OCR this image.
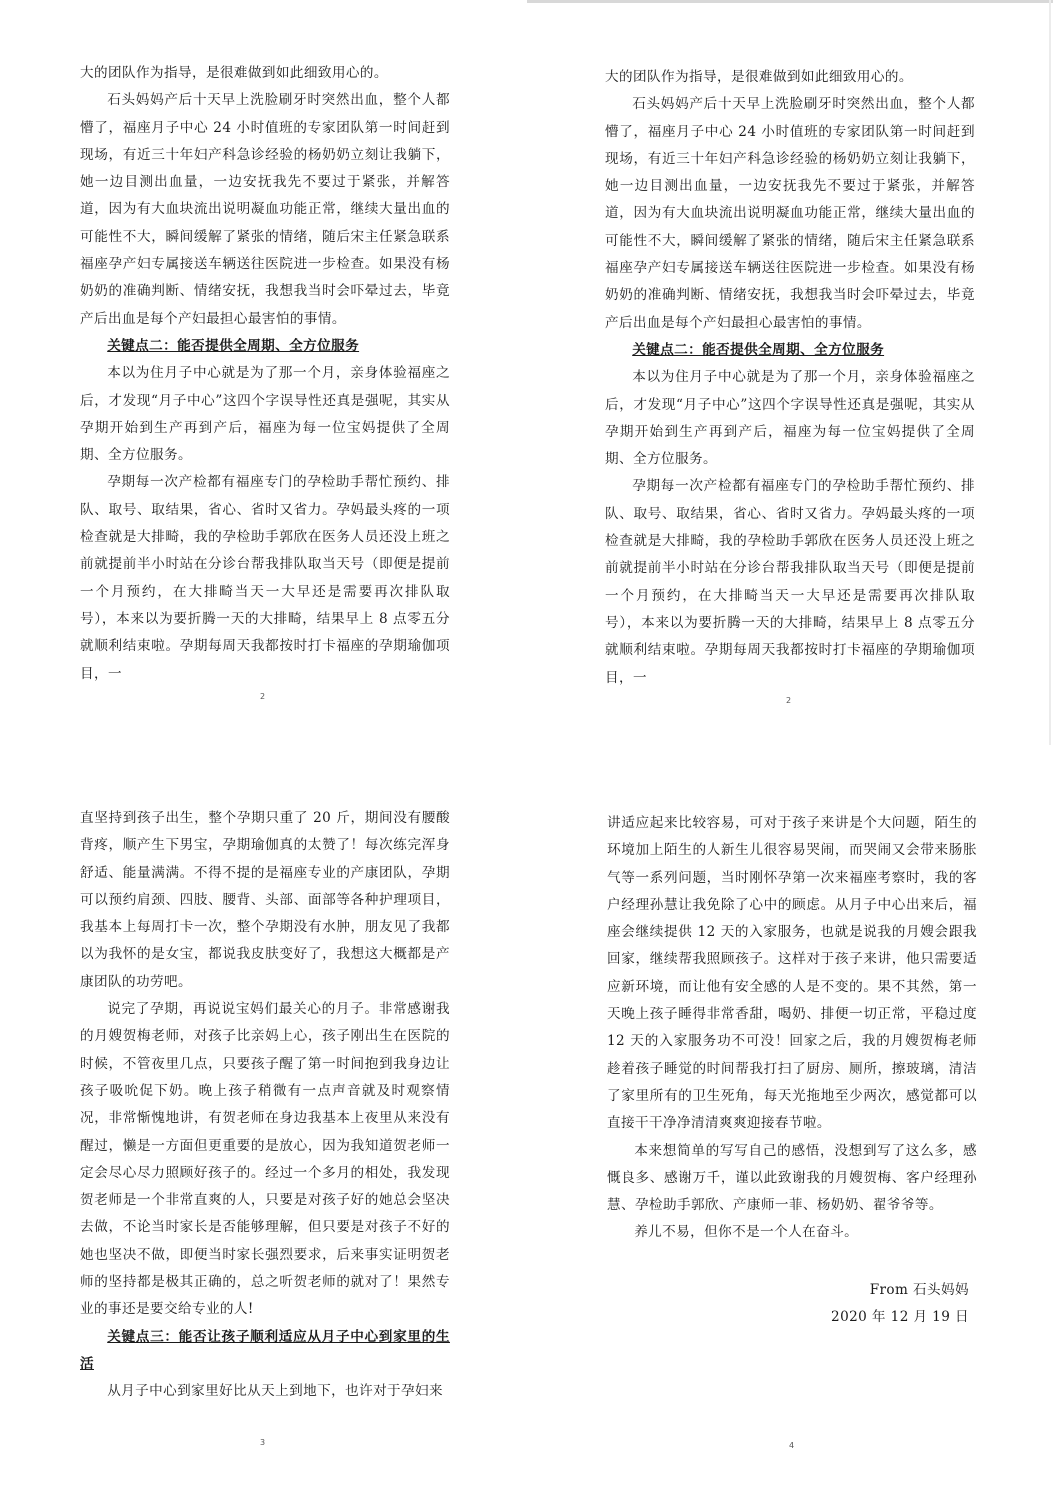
大的团队作为指导，是很难做到如此细致用心的。

石头妈妈产后十天早上洗脸刷牙时突然出血，整个人都懵了，福座月子中心 24 小时值班的专家团队第一时间赶到现场，有近三十年妇产科急诊经验的杨奶奶立刻让我躺下，她一边目测出血量，一边安抚我先不要过于紧张，并解答道，因为有大血块流出说明凝血功能正常，继续大量出血的可能性不大，瞬间缓解了紧张的情绪，随后宋主任紧急联系福座孕产妇专属接送车辆送往医院进一步检查。如果没有杨奶奶的准确判断、情绪安抚，我想我当时会吓晕过去，毕竟产后出血是每个产妇最担心最害怕的事情。

关键点二：能否提供全周期、全方位服务

本以为住月子中心就是为了那一个月，亲身体验福座之后，才发现“月子中心”这四个字误导性还真是强呢，其实从孕期开始到生产再到产后，福座为每一位宝妈提供了全周期、全方位服务。

孕期每一次产检都有福座专门的孕检助手帮忙预约、排队、取号、取结果，省心、省时又省力。孕妈最头疼的一项检查就是大排畸，我的孕检助手郭欣在医务人员还没上班之前就提前半小时站在分诊台帮我排队取当天号（即便是提前一个月预约，在大排畸当天一大早还是需要再次排队取号），本来以为要折腾一天的大排畸，结果早上 8 点零五分就顺利结束啦。孕期每周天我都按时打卡福座的孕期瑜伽项目，一

大的团队作为指导，是很难做到如此细致用心的。

石头妈妈产后十天早上洗脸刷牙时突然出血，整个人都懵了，福座月子中心 24 小时值班的专家团队第一时间赶到现场，有近三十年妇产科急诊经验的杨奶奶立刻让我躺下，她一边目测出血量，一边安抚我先不要过于紧张，并解答道，因为有大血块流出说明凝血功能正常，继续大量出血的可能性不大，瞬间缓解了紧张的情绪，随后宋主任紧急联系福座孕产妇专属接送车辆送往医院进一步检查。如果没有杨奶奶的准确判断、情绪安抚，我想我当时会吓晕过去，毕竟产后出血是每个产妇最担心最害怕的事情。

关键点二：能否提供全周期、全方位服务

本以为住月子中心就是为了那一个月，亲身体验福座之后，才发现“月子中心”这四个字误导性还真是强呢，其实从孕期开始到生产再到产后，福座为每一位宝妈提供了全周期、全方位服务。

孕期每一次产检都有福座专门的孕检助手帮忙预约、排队、取号、取结果，省心、省时又省力。孕妈最头疼的一项检查就是大排畸，我的孕检助手郭欣在医务人员还没上班之前就提前半小时站在分诊台帮我排队取当天号（即便是提前一个月预约，在大排畸当天一大早还是需要再次排队取号），本来以为要折腾一天的大排畸，结果早上 8 点零五分就顺利结束啦。孕期每周天我都按时打卡福座的孕期瑜伽项目，一

直坚持到孩子出生，整个孕期只重了 20 斤，期间没有腰酸背疼，顺产生下男宝，孕期瑜伽真的太赞了！每次练完浑身舒适、能量满满。不得不提的是福座专业的产康团队，孕期可以预约肩颈、四肢、腰背、头部、面部等各种护理项目，我基本上每周打卡一次，整个孕期没有水肿，朋友见了我都以为我怀的是女宝，都说我皮肤变好了，我想这大概都是产康团队的功劳吧。

说完了孕期，再说说宝妈们最关心的月子。非常感谢我的月嫂贺梅老师，对孩子比亲妈上心，孩子刚出生在医院的时候，不管夜里几点，只要孩子醒了第一时间抱到我身边让孩子吸吮促下奶。晚上孩子稍微有一点声音就及时观察情况，非常惭愧地讲，有贺老师在身边我基本上夜里从来没有醒过，懒是一方面但更重要的是放心，因为我知道贺老师一定会尽心尽力照顾好孩子的。经过一个多月的相处，我发现贺老师是一个非常直爽的人，只要是对孩子好的她总会坚决去做，不论当时家长是否能够理解，但只要是对孩子不好的她也坚决不做，即便当时家长强烈要求，后来事实证明贺老师的坚持都是极其正确的，总之听贺老师的就对了！果然专业的事还是要交给专业的人!

关键点三：能否让孩子顺利适应从月子中心到家里的生活

从月子中心到家里好比从天上到地下，也许对于孕妇来

讲适应起来比较容易，可对于孩子来讲是个大问题，陌生的环境加上陌生的人新生儿很容易哭闹，而哭闹又会带来肠胀气等一系列问题，当时刚怀孕第一次来福座考察时，我的客户经理孙慧让我免除了心中的顾虑。从月子中心出来后，福座会继续提供 12 天的入家服务，也就是说我的月嫂会跟我回家，继续帮我照顾孩子。这样对于孩子来讲，他只需要适应新环境，而让他有安全感的人是不变的。果不其然，第一天晚上孩子睡得非常香甜，喝奶、排便一切正常，平稳过度 12 天的入家服务功不可没！回家之后，我的月嫂贺梅老师趁着孩子睡觉的时间帮我打扫了厨房、厕所，擦玻璃，清洁了家里所有的卫生死角，每天光拖地至少两次，感觉都可以直接干干净净清清爽爽迎接春节啦。

本来想简单的写写自己的感悟，没想到写了这么多，感慨良多、感谢万千，谨以此致谢我的月嫂贺梅、客户经理孙慧、孕检助手郭欣、产康师一菲、杨奶奶、翟爷爷等。

养儿不易，但你不是一个人在奋斗。

From 石头妈妈

2020 年 12 月 19 日

2	2
3	4
